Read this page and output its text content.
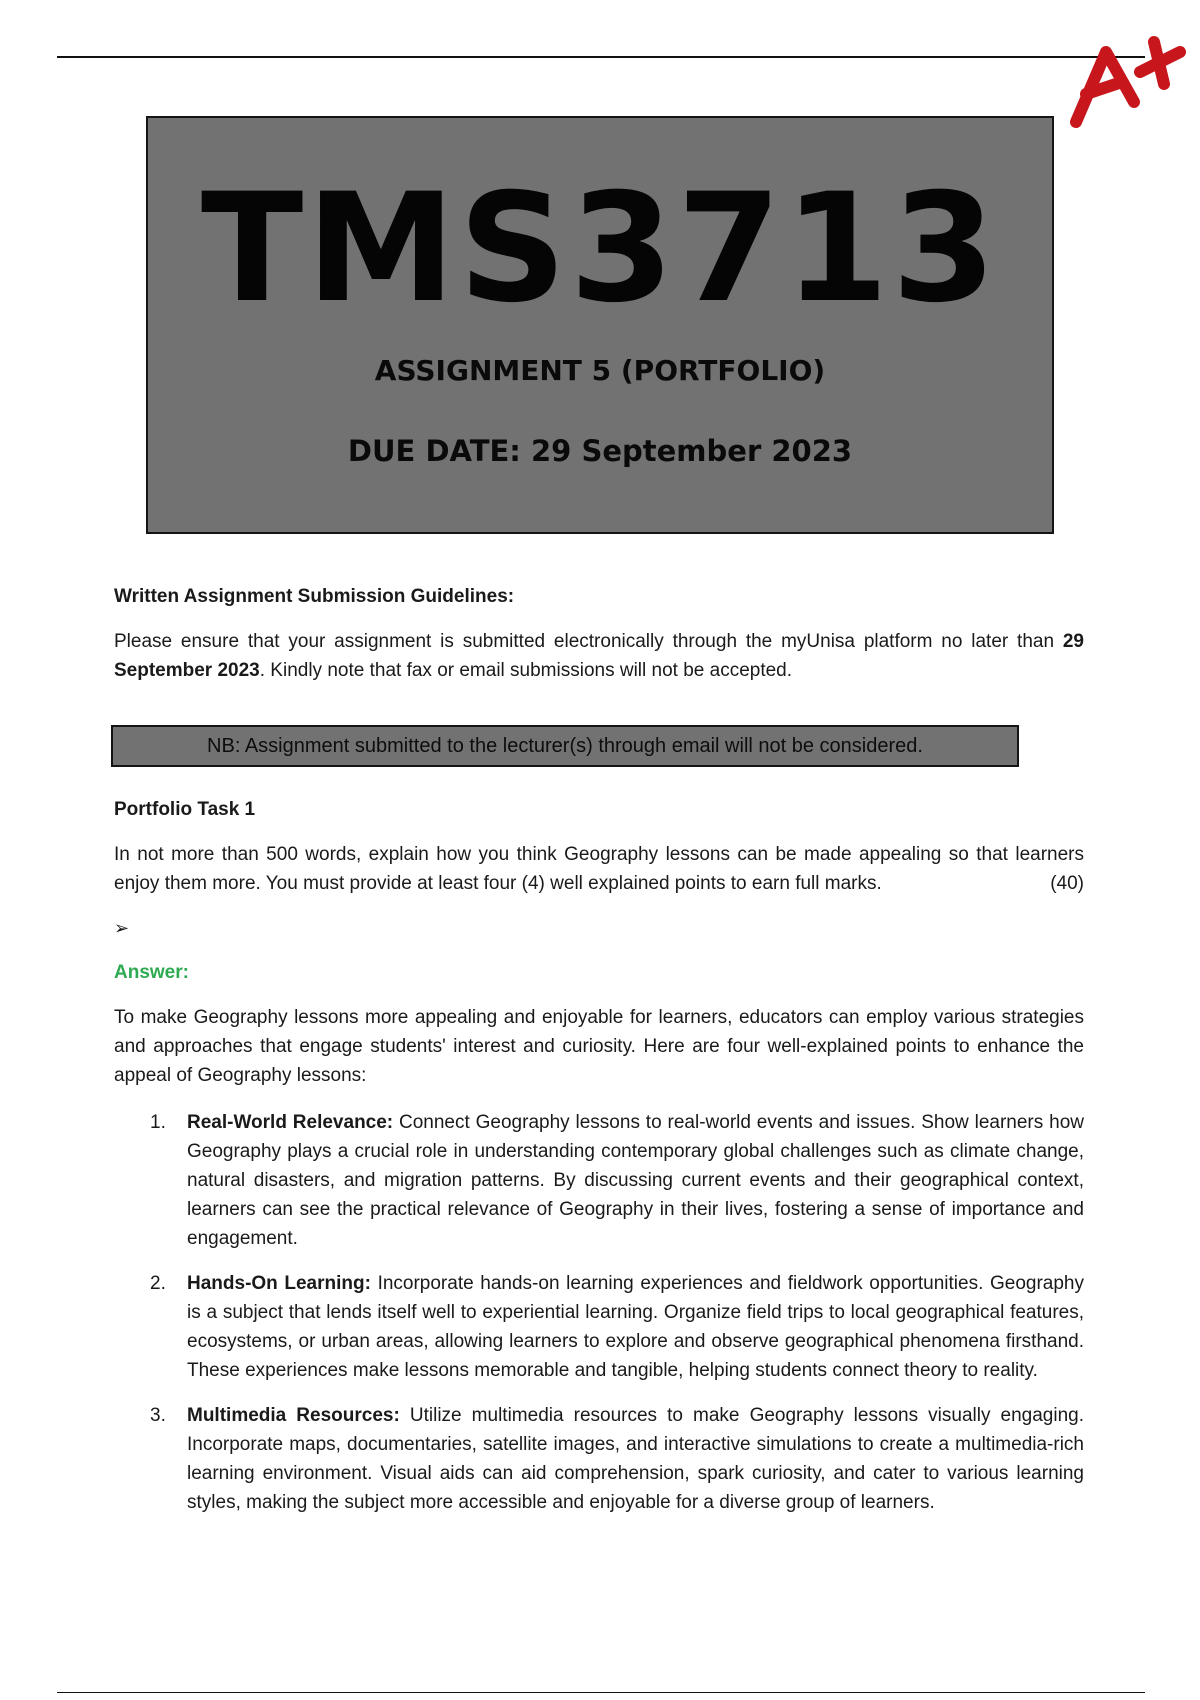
TMS3713
ASSIGNMENT 5 (PORTFOLIO)
DUE DATE: 29 September 2023
Written Assignment Submission Guidelines:

Please ensure that your assignment is submitted electronically through the myUnisa platform no later than 29 September 2023. Kindly note that fax or email submissions will not be accepted.

NB: Assignment submitted to the lecturer(s) through email will not be considered.
Portfolio Task 1

In not more than 500 words, explain how you think Geography lessons can be made appealing so that learners enjoy them more. You must provide at least four (4) well explained points to earn full marks.	(40)

➢
Answer:

To make Geography lessons more appealing and enjoyable for learners, educators can employ various strategies and approaches that engage students' interest and curiosity. Here are four well-explained points to enhance the appeal of Geography lessons:

1. Real-World Relevance: Connect Geography lessons to real-world events and issues. Show learners how Geography plays a crucial role in understanding contemporary global challenges such as climate change, natural disasters, and migration patterns. By discussing current events and their geographical context, learners can see the practical relevance of Geography in their lives, fostering a sense of importance and engagement.
2. Hands-On Learning: Incorporate hands-on learning experiences and fieldwork opportunities. Geography is a subject that lends itself well to experiential learning. Organize field trips to local geographical features, ecosystems, or urban areas, allowing learners to explore and observe geographical phenomena firsthand. These experiences make lessons memorable and tangible, helping students connect theory to reality.
3. Multimedia Resources: Utilize multimedia resources to make Geography lessons visually engaging. Incorporate maps, documentaries, satellite images, and interactive simulations to create a multimedia-rich learning environment. Visual aids can aid comprehension, spark curiosity, and cater to various learning styles, making the subject more accessible and enjoyable for a diverse group of learners.
